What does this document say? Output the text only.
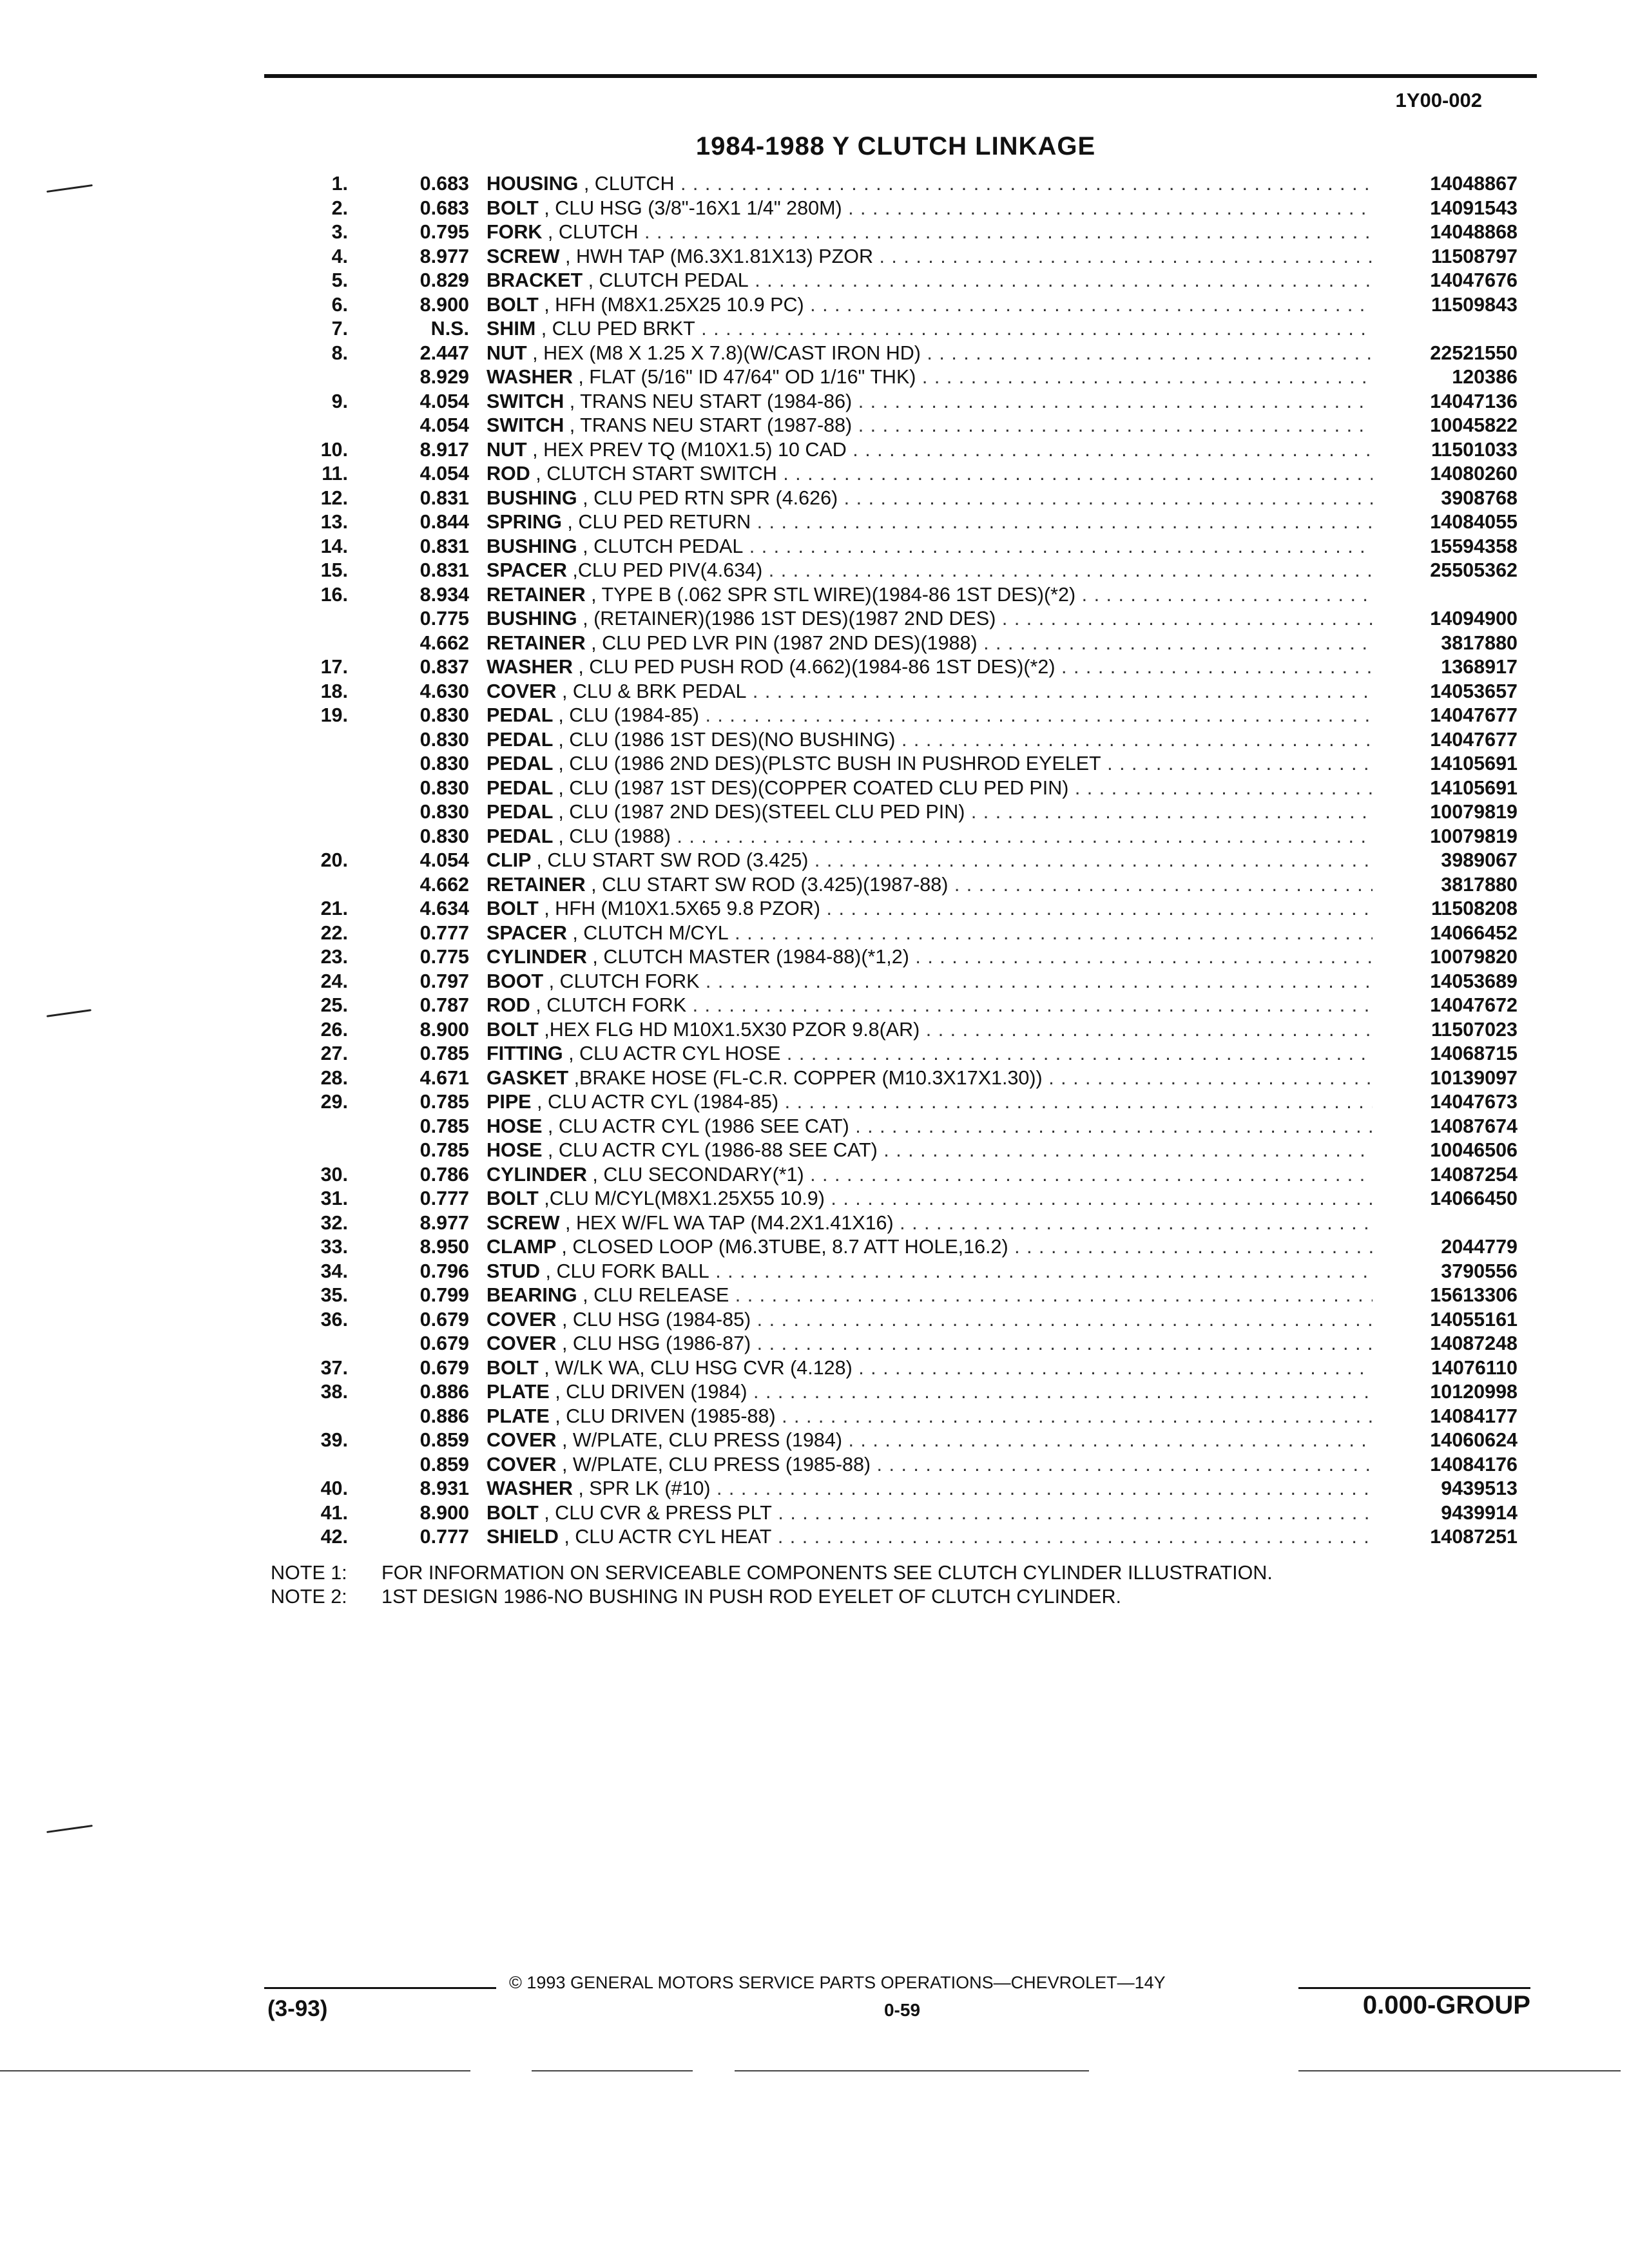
1Y00-002
1984-1988 Y CLUTCH LINKAGE
1.	0.683 HOUSING , CLUTCH . . .	14048867
2.	0.683 BOLT , CLU HSG (3/8"-16X1 1/4" 280M) . . .	14091543
3.	0.795 FORK , CLUTCH . . .	14048868
4.	8.977 SCREW , HWH TAP (M6.3X1.81X13) PZOR . . .	11508797
5.	0.829 BRACKET , CLUTCH PEDAL . . .	14047676
6.	8.900 BOLT , HFH (M8X1.25X25 10.9 PC) . . .	11509843
7.	N.S. SHIM , CLU PED BRKT . . .
8.	2.447 NUT , HEX (M8 X 1.25 X 7.8)(W/CAST IRON HD) . . .	22521550
8.929 WASHER , FLAT (5/16" ID 47/64" OD 1/16" THK) . . .	120386
9.	4.054 SWITCH , TRANS NEU START (1984-86) . . .	14047136
4.054 SWITCH , TRANS NEU START (1987-88) . . .	10045822
10.	8.917 NUT , HEX PREV TQ (M10X1.5) 10 CAD . . .	11501033
11.	4.054 ROD , CLUTCH START SWITCH . . .	14080260
12.	0.831 BUSHING , CLU PED RTN SPR (4.626) . . .	3908768
13.	0.844 SPRING , CLU PED RETURN . . .	14084055
14.	0.831 BUSHING , CLUTCH PEDAL . . .	15594358
15.	0.831 SPACER ,CLU PED PIV(4.634) . . .	25505362
16.	8.934 RETAINER , TYPE B (.062 SPR STL WIRE)(1984-86 1ST DES)(*2) . . .
0.775 BUSHING , (RETAINER)(1986 1ST DES)(1987 2ND DES) . . .	14094900
4.662 RETAINER , CLU PED LVR PIN (1987 2ND DES)(1988) . . .	3817880
17.	0.837 WASHER , CLU PED PUSH ROD (4.662)(1984-86 1ST DES)(*2) . . .	1368917
18.	4.630 COVER , CLU & BRK PEDAL . . .	14053657
19.	0.830 PEDAL , CLU (1984-85) . . .	14047677
0.830 PEDAL , CLU (1986 1ST DES)(NO BUSHING) . . .	14047677
0.830 PEDAL , CLU (1986 2ND DES)(PLSTC BUSH IN PUSHROD EYELET . . .	14105691
0.830 PEDAL , CLU (1987 1ST DES)(COPPER COATED CLU PED PIN) . . .	14105691
0.830 PEDAL , CLU (1987 2ND DES)(STEEL CLU PED PIN) . . .	10079819
0.830 PEDAL , CLU (1988) . . .	10079819
20.	4.054 CLIP , CLU START SW ROD (3.425) . . .	3989067
4.662 RETAINER , CLU START SW ROD (3.425)(1987-88) . . .	3817880
21.	4.634 BOLT , HFH (M10X1.5X65 9.8 PZOR) . . .	11508208
22.	0.777 SPACER , CLUTCH M/CYL . . .	14066452
23.	0.775 CYLINDER , CLUTCH MASTER (1984-88)(*1,2) . . .	10079820
24.	0.797 BOOT , CLUTCH FORK . . .	14053689
25.	0.787 ROD , CLUTCH FORK . . .	14047672
26.	8.900 BOLT ,HEX FLG HD M10X1.5X30 PZOR 9.8(AR) . . .	11507023
27.	0.785 FITTING , CLU ACTR CYL HOSE . . .	14068715
28.	4.671 GASKET ,BRAKE HOSE (FL-C.R. COPPER (M10.3X17X1.30)) . . .	10139097
29.	0.785 PIPE , CLU ACTR CYL (1984-85) . . .	14047673
0.785 HOSE , CLU ACTR CYL (1986 SEE CAT) . . .	14087674
0.785 HOSE , CLU ACTR CYL (1986-88 SEE CAT) . . .	10046506
30.	0.786 CYLINDER , CLU SECONDARY(*1) . . .	14087254
31.	0.777 BOLT ,CLU M/CYL(M8X1.25X55 10.9) . . .	14066450
32.	8.977 SCREW , HEX W/FL WA TAP (M4.2X1.41X16) . . .
33.	8.950 CLAMP , CLOSED LOOP (M6.3TUBE, 8.7 ATT HOLE,16.2) . . .	2044779
34.	0.796 STUD , CLU FORK BALL . . .	3790556
35.	0.799 BEARING , CLU RELEASE . . .	15613306
36.	0.679 COVER , CLU HSG (1984-85) . . .	14055161
0.679 COVER , CLU HSG (1986-87) . . .	14087248
37.	0.679 BOLT , W/LK WA, CLU HSG CVR (4.128) . . .	14076110
38.	0.886 PLATE , CLU DRIVEN (1984) . . .	10120998
0.886 PLATE , CLU DRIVEN (1985-88) . . .	14084177
39.	0.859 COVER , W/PLATE, CLU PRESS (1984) . . .	14060624
0.859 COVER , W/PLATE, CLU PRESS (1985-88) . . .	14084176
40.	8.931 WASHER , SPR LK (#10) . . .	9439513
41.	8.900 BOLT , CLU CVR & PRESS PLT . . .	9439914
42.	0.777 SHIELD , CLU ACTR CYL HEAT . . .	14087251
NOTE 1: FOR INFORMATION ON SERVICEABLE COMPONENTS SEE CLUTCH CYLINDER ILLUSTRATION.
NOTE 2: 1ST DESIGN 1986-NO BUSHING IN PUSH ROD EYELET OF CLUTCH CYLINDER.
© 1993 GENERAL MOTORS SERVICE PARTS OPERATIONS—CHEVROLET—14Y
(3-93)	0-59	0.000-GROUP
